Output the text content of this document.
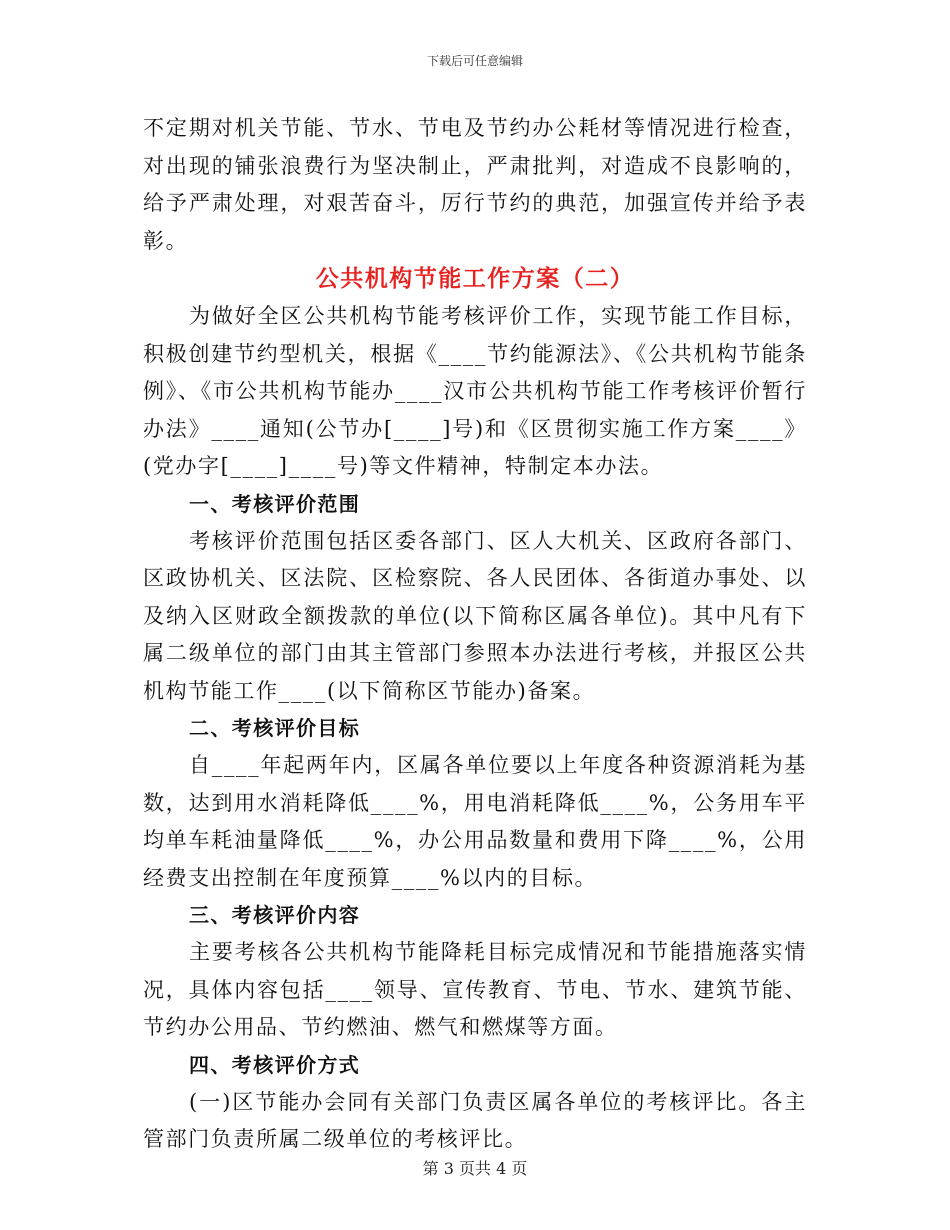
下载后可任意编辑

不定期对机关节能、节水、节电及节约办公耗材等情况进行检查，对出现的铺张浪费行为坚决制止，严肃批判，对造成不良影响的，给予严肃处理，对艰苦奋斗，厉行节约的典范，加强宣传并给予表彰。

公共机构节能工作方案（二）

为做好全区公共机构节能考核评价工作，实现节能工作目标，积极创建节约型机关，根据《____节约能源法》、《公共机构节能条例》、《市公共机构节能办____汉市公共机构节能工作考核评价暂行办法》____通知(公节办[____]号)和《区贯彻实施工作方案____》(党办字[____]____号)等文件精神，特制定本办法。

一、考核评价范围

考核评价范围包括区委各部门、区人大机关、区政府各部门、区政协机关、区法院、区检察院、各人民团体、各街道办事处、以及纳入区财政全额拨款的单位(以下简称区属各单位)。其中凡有下属二级单位的部门由其主管部门参照本办法进行考核，并报区公共机构节能工作____(以下简称区节能办)备案。

二、考核评价目标

自____年起两年内，区属各单位要以上年度各种资源消耗为基数，达到用水消耗降低____%，用电消耗降低____%，公务用车平均单车耗油量降低____%，办公用品数量和费用下降____%，公用经费支出控制在年度预算____%以内的目标。

三、考核评价内容

主要考核各公共机构节能降耗目标完成情况和节能措施落实情况，具体内容包括____领导、宣传教育、节电、节水、建筑节能、节约办公用品、节约燃油、燃气和燃煤等方面。

四、考核评价方式

(一)区节能办会同有关部门负责区属各单位的考核评比。各主管部门负责所属二级单位的考核评比。

第 3 页共 4 页
